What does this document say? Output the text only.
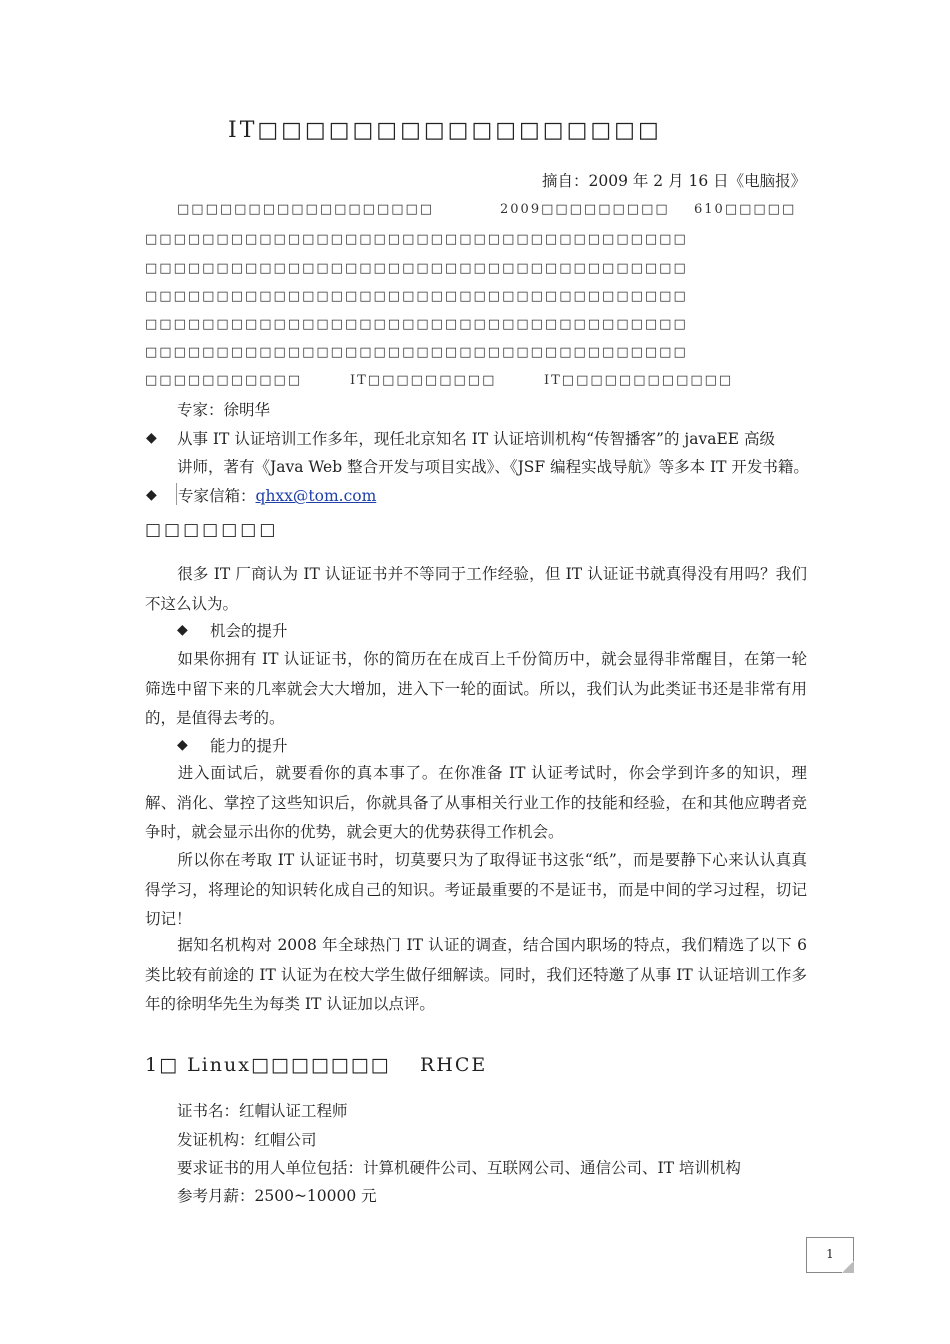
IT□□□□□□□□□□□□□□□□□
摘自：2009 年 2 月 16 日《电脑报》
□□□□□□□□□□□□□□□□□□	2009□□□□□□□□□ 610□□□□□
□□□□□□□□□□□□□□□□□□□□□□□□□□□□□□□□□□□□□□
□□□□□□□□□□□□□□□□□□□□□□□□□□□□□□□□□□□□□□
□□□□□□□□□□□□□□□□□□□□□□□□□□□□□□□□□□□□□□
□□□□□□□□□□□□□□□□□□□□□□□□□□□□□□□□□□□□□□
□□□□□□□□□□□□□□□□□□□□□□□□□□□□□□□□□□□□□□
□□□□□□□□□□□	IT□□□□□□□□□	IT□□□□□□□□□□□□
专家：徐明华
◆ 从事 IT 认证培训工作多年，现任北京知名 IT 认证培训机构“传智播客”的 javaEE 高级
讲师，著有《Java Web 整合开发与项目实战》、《JSF 编程实战导航》等多本 IT 开发书籍。
◆ 专家信箱：qhxx@tom.com
□□□□□□□
很多 IT 厂商认为 IT 认证证书并不等同于工作经验，但 IT 认证证书就真得没有用吗？我们不这么认为。
◆ 机会的提升
如果你拥有 IT 认证证书，你的简历在在成百上千份简历中，就会显得非常醒目，在第一轮筛选中留下来的几率就会大大增加，进入下一轮的面试。所以，我们认为此类证书还是非常有用的，是值得去考的。
◆ 能力的提升
进入面试后，就要看你的真本事了。在你准备 IT 认证考试时，你会学到许多的知识，理解、消化、掌控了这些知识后，你就具备了从事相关行业工作的技能和经验，在和其他应聘者竞争时，就会显示出你的优势，就会更大的优势获得工作机会。
所以你在考取 IT 认证证书时，切莫要只为了取得证书这张“纸”，而是要静下心来认认真真得学习，将理论的知识转化成自己的知识。考证最重要的不是证书，而是中间的学习过程，切记切记！
据知名机构对 2008 年全球热门 IT 认证的调查，结合国内职场的特点，我们精选了以下 6 类比较有前途的 IT 认证为在校大学生做仔细解读。同时，我们还特邀了从事 IT 认证培训工作多年的徐明华先生为每类 IT 认证加以点评。
1□ Linux□□□□□□□ RHCE
证书名：红帽认证工程师
发证机构：红帽公司
要求证书的用人单位包括：计算机硬件公司、互联网公司、通信公司、IT 培训机构
参考月薪：2500~10000 元
1
